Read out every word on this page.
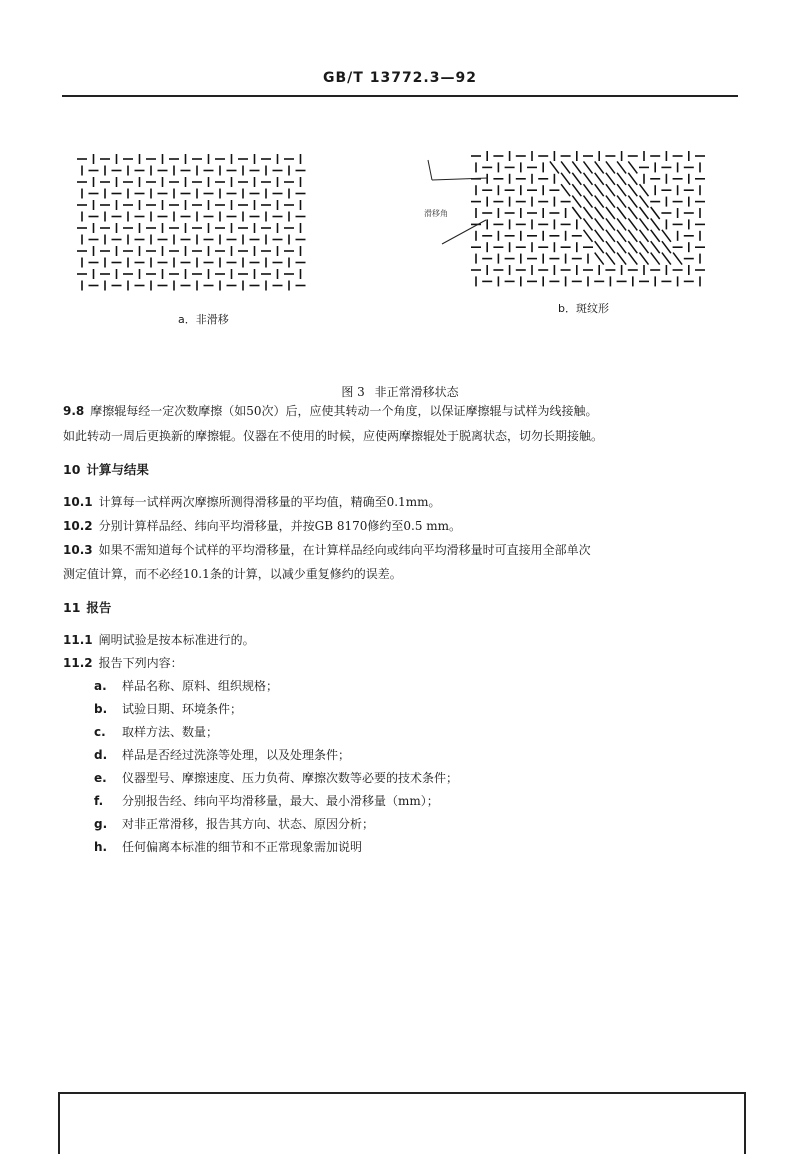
GB/T 13772.3—92
a．非滑移
滑移角
b．斑纹形
图 3 非正常滑移状态
9.8 摩擦辊每经一定次数摩擦（如50次）后，应使其转动一个角度，以保证摩擦辊与试样为线接触。
如此转动一周后更换新的摩擦辊。仪器在不使用的时候，应使两摩擦辊处于脱离状态，切勿长期接触。
10 计算与结果
10.1 计算每一试样两次摩擦所测得滑移量的平均值，精确至0.1mm。
10.2 分别计算样品经、纬向平均滑移量，并按GB 8170修约至0.5 mm。
10.3 如果不需知道每个试样的平均滑移量，在计算样品经向或纬向平均滑移量时可直接用全部单次
测定值计算，而不必经10.1条的计算，以减少重复修约的误差。
11 报告
11.1 阐明试验是按本标准进行的。
11.2 报告下列内容：
a. 样品名称、原料、组织规格；
b. 试验日期、环境条件；
c. 取样方法、数量；
d. 样品是否经过洗涤等处理，以及处理条件；
e. 仪器型号、摩擦速度、压力负荷、摩擦次数等必要的技术条件；
f. 分别报告经、纬向平均滑移量，最大、最小滑移量（mm）；
g. 对非正常滑移，报告其方向、状态、原因分析；
h. 任何偏离本标准的细节和不正常现象需加说明
